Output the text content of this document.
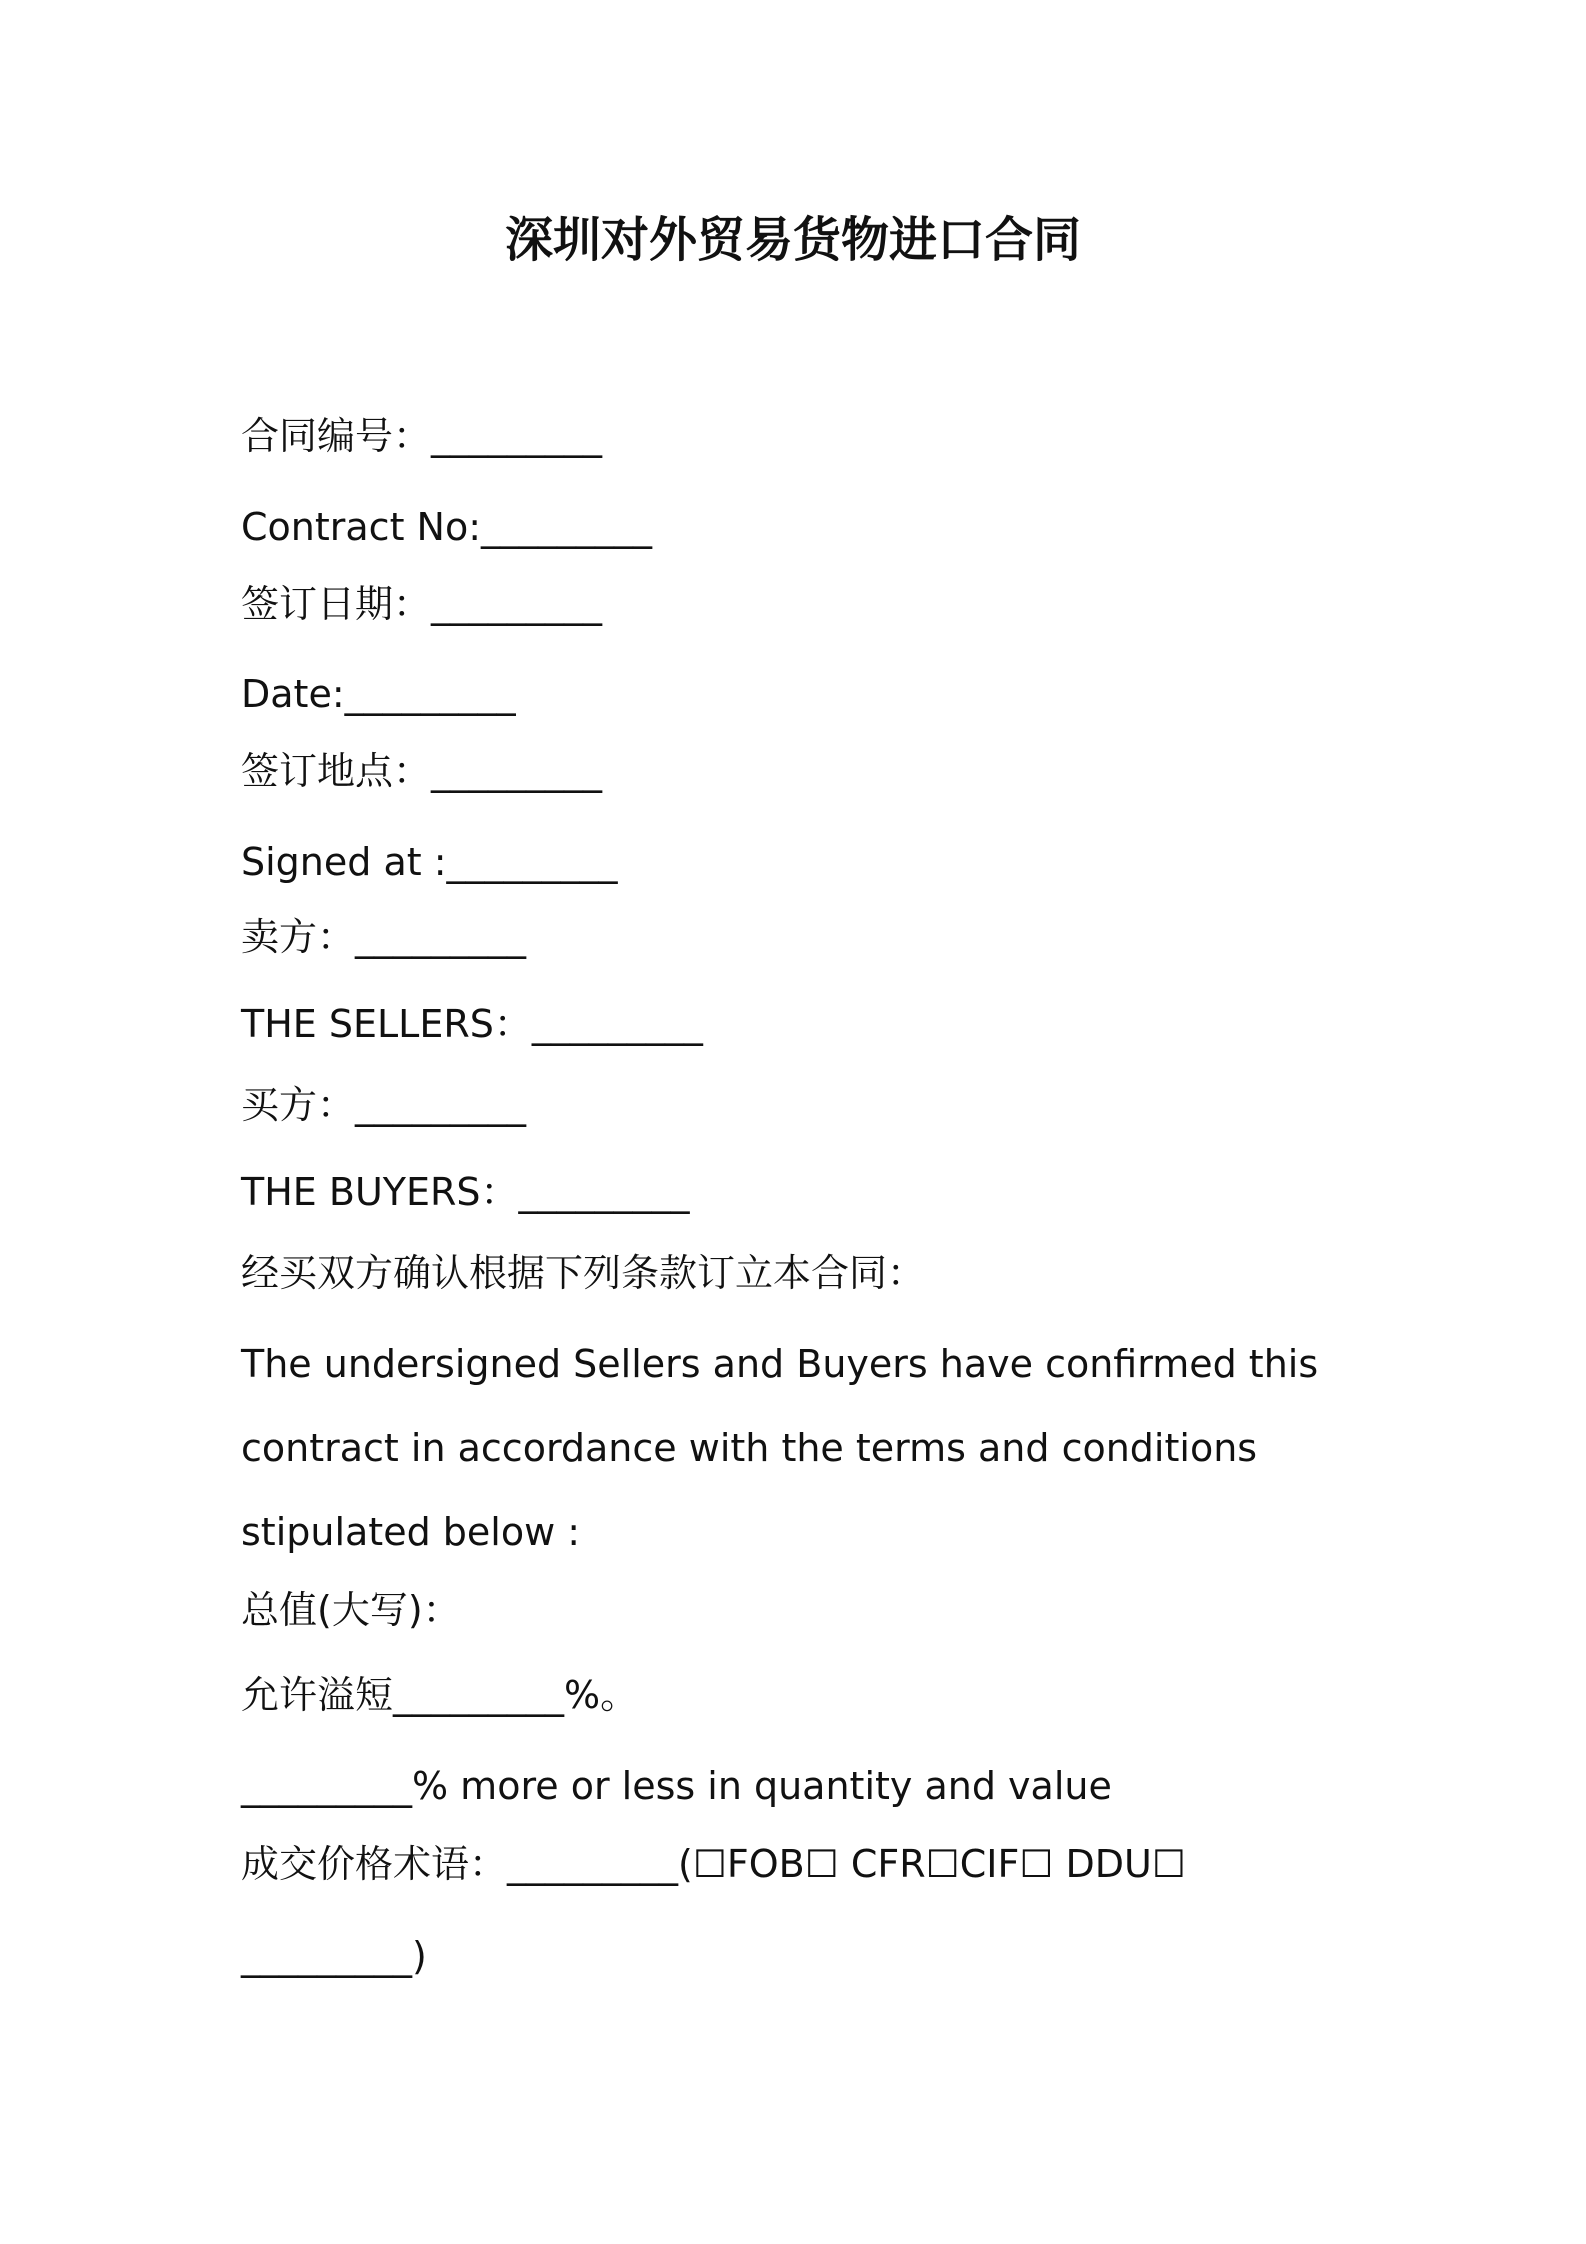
深圳对外贸易货物进口合同
合同编号：_________
Contract No:_________
签订日期：_________
Date:_________
签订地点：_________
Signed at :_________
卖方：_________
THE SELLERS：_________
买方：_________
THE BUYERS：_________
经买双方确认根据下列条款订立本合同：
The undersigned Sellers and Buyers have confirmed this
contract in accordance with the terms and conditions
stipulated below :
总值(大写)：
允许溢短_________%。
_________% more or less in quantity and value
成交价格术语：_________(☐FOB☐ CFR☐CIF☐ DDU☐
_________)
